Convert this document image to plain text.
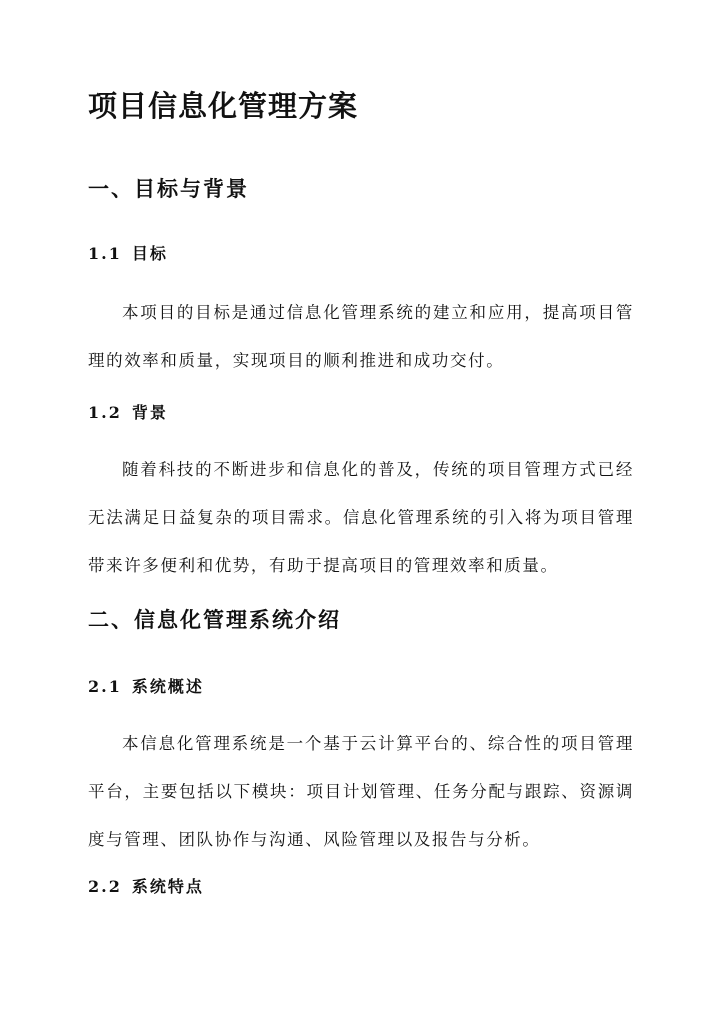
项目信息化管理方案
一、目标与背景
1.1 目标

本项目的目标是通过信息化管理系统的建立和应用，提高项目管理的效率和质量，实现项目的顺利推进和成功交付。

1.2 背景

随着科技的不断进步和信息化的普及，传统的项目管理方式已经无法满足日益复杂的项目需求。信息化管理系统的引入将为项目管理带来许多便利和优势，有助于提高项目的管理效率和质量。

二、信息化管理系统介绍
2.1 系统概述

本信息化管理系统是一个基于云计算平台的、综合性的项目管理平台，主要包括以下模块：项目计划管理、任务分配与跟踪、资源调度与管理、团队协作与沟通、风险管理以及报告与分析。

2.2 系统特点
